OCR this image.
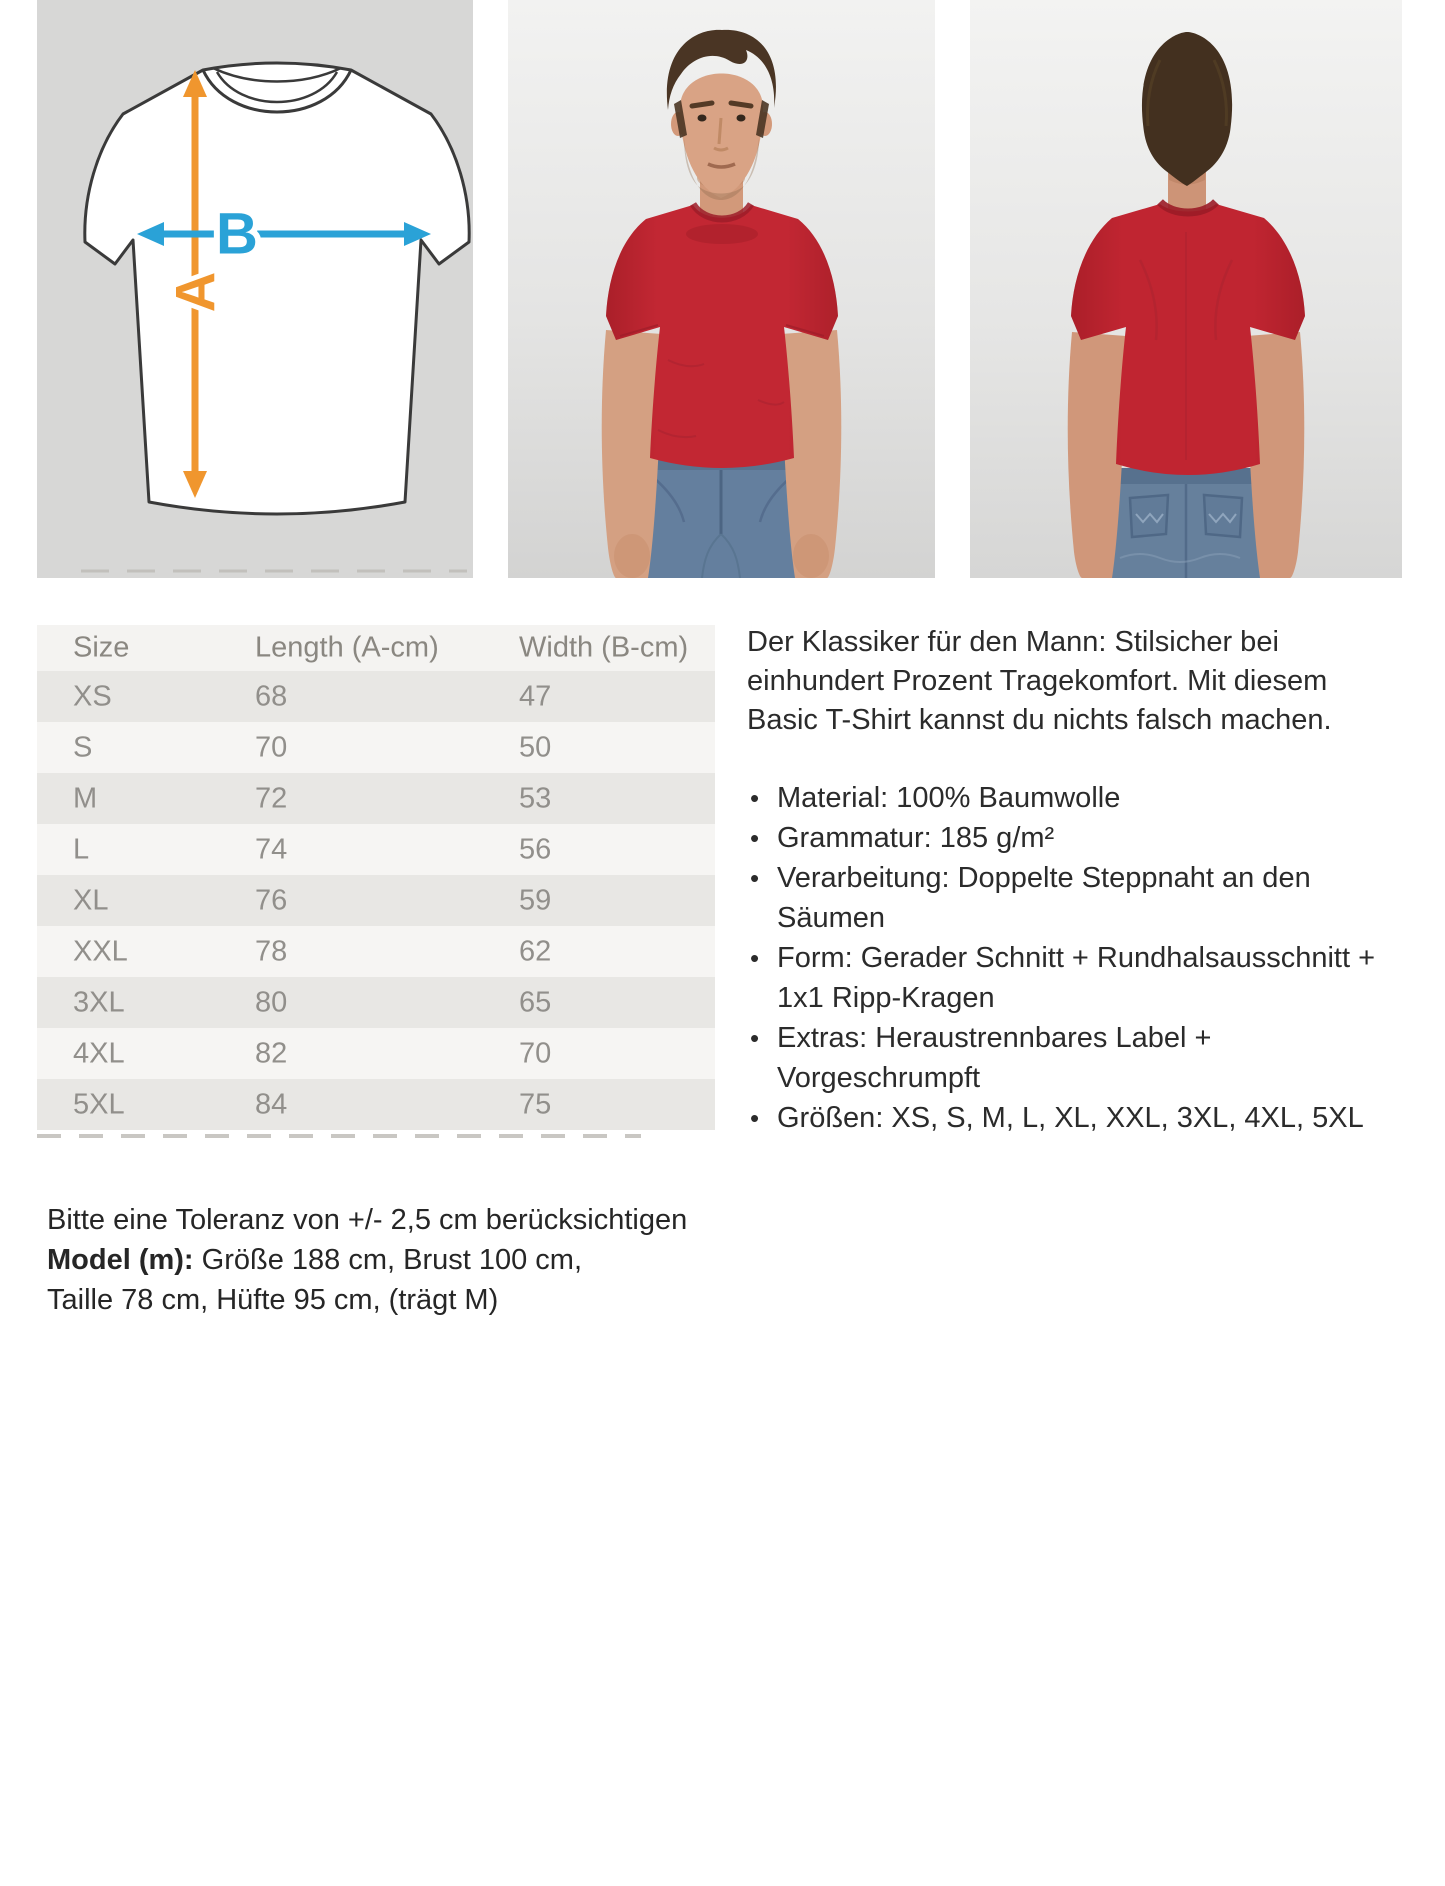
B
A
Size	Length (A-cm)	Width (B-cm)
XS	68	47
S	70	50
M	72	53
L	74	56
XL	76	59
XXL	78	62
3XL	80	65
4XL	82	70
5XL	84	75

Bitte eine Toleranz von +/- 2,5 cm berücksichtigen

Model (m): Größe 188 cm, Brust 100 cm, Taille 78 cm, Hüfte 95 cm, (trägt M)

Der Klassiker für den Mann: Stilsicher bei einhundert Prozent Tragekomfort. Mit diesem Basic T-Shirt kannst du nichts falsch machen.

• Material: 100% Baumwolle
• Grammatur: 185 g/m²
• Verarbeitung: Doppelte Steppnaht an den Säumen
• Form: Gerader Schnitt + Rundhalsausschnitt + 1x1 Ripp-Kragen
• Extras: Heraustrennbares Label + Vorgeschrumpft
• Größen: XS, S, M, L, XL, XXL, 3XL, 4XL, 5XL
